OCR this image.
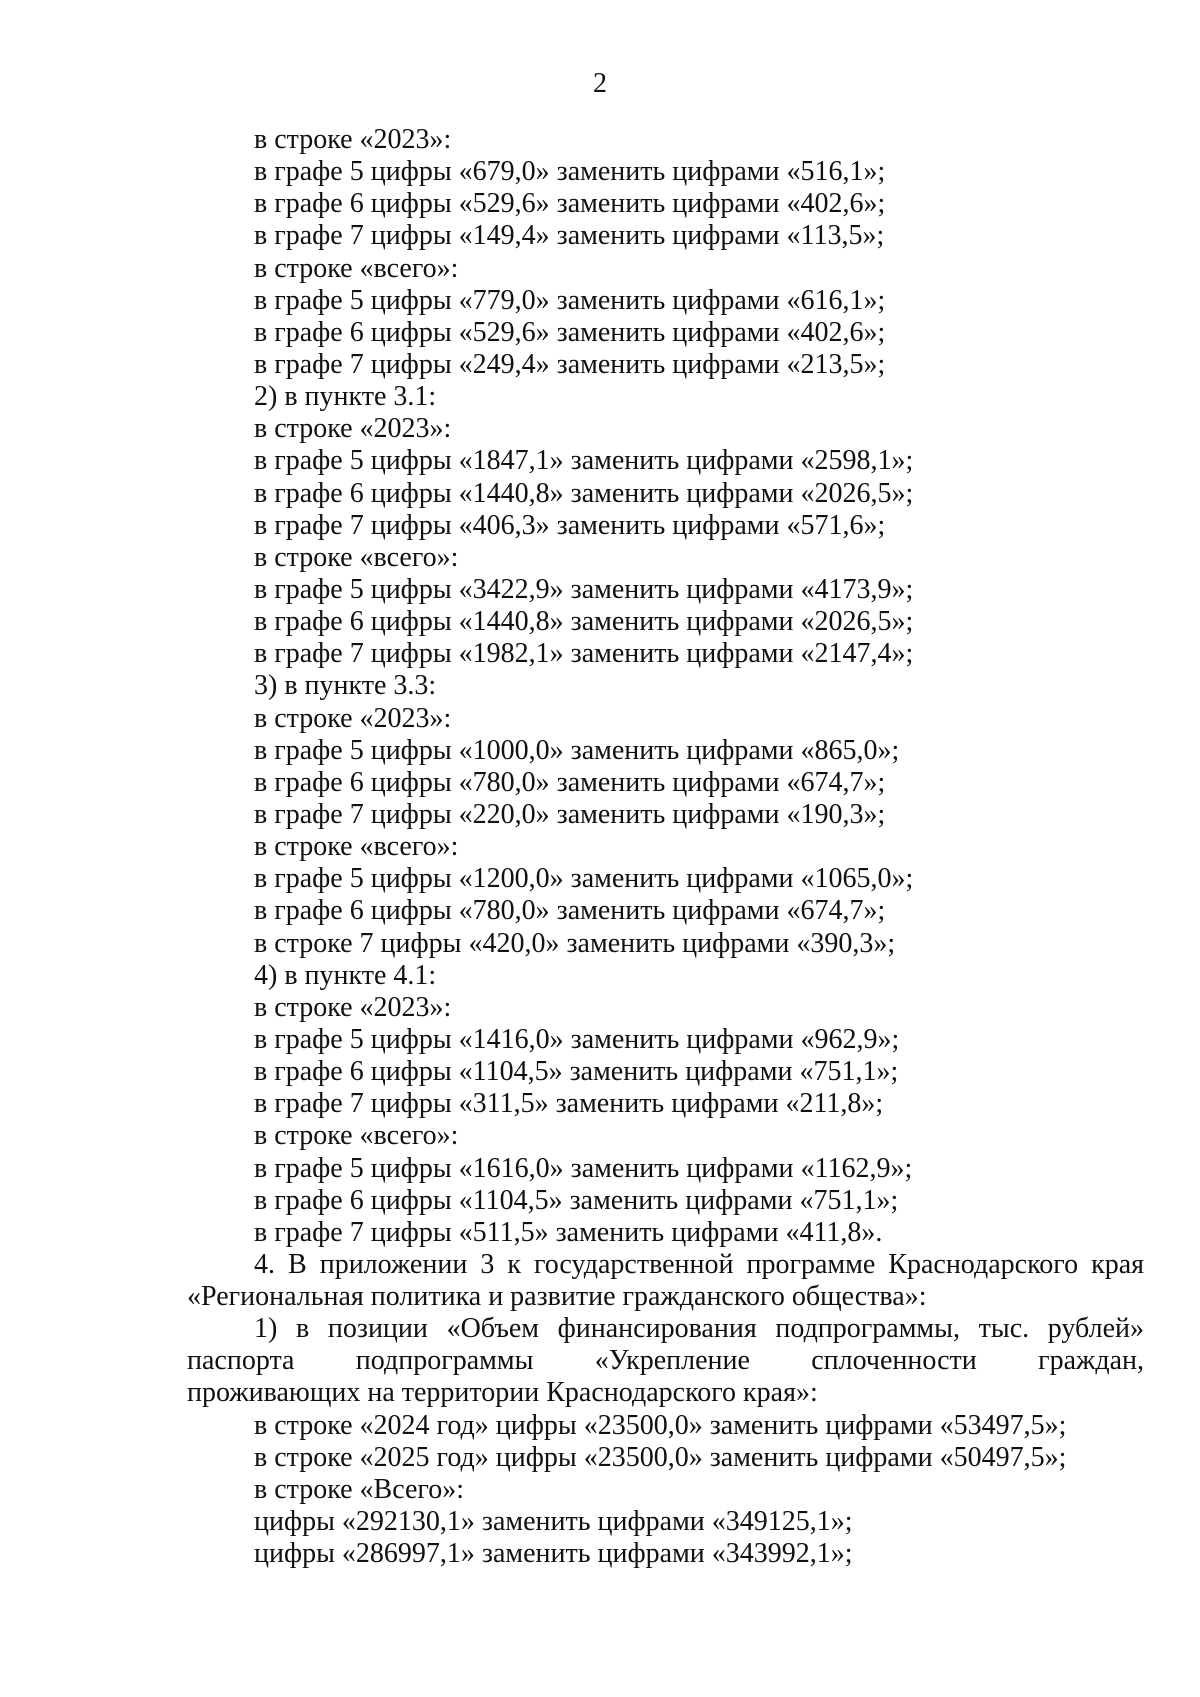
2
в строке «2023»:
в графе 5 цифры «679,0» заменить цифрами «516,1»;
в графе 6 цифры «529,6» заменить цифрами «402,6»;
в графе 7 цифры «149,4» заменить цифрами «113,5»;
в строке «всего»:
в графе 5 цифры «779,0» заменить цифрами «616,1»;
в графе 6 цифры «529,6» заменить цифрами «402,6»;
в графе 7 цифры «249,4» заменить цифрами «213,5»;
2) в пункте 3.1:
в строке «2023»:
в графе 5 цифры «1847,1» заменить цифрами «2598,1»;
в графе 6 цифры «1440,8» заменить цифрами «2026,5»;
в графе 7 цифры «406,3» заменить цифрами «571,6»;
в строке «всего»:
в графе 5 цифры «3422,9» заменить цифрами «4173,9»;
в графе 6 цифры «1440,8» заменить цифрами «2026,5»;
в графе 7 цифры «1982,1» заменить цифрами «2147,4»;
3) в пункте 3.3:
в строке «2023»:
в графе 5 цифры «1000,0» заменить цифрами «865,0»;
в графе 6 цифры «780,0» заменить цифрами «674,7»;
в графе 7 цифры «220,0» заменить цифрами «190,3»;
в строке «всего»:
в графе 5 цифры «1200,0» заменить цифрами «1065,0»;
в графе 6 цифры «780,0» заменить цифрами «674,7»;
в строке 7 цифры «420,0» заменить цифрами «390,3»;
4) в пункте 4.1:
в строке «2023»:
в графе 5 цифры «1416,0» заменить цифрами «962,9»;
в графе 6 цифры «1104,5» заменить цифрами «751,1»;
в графе 7 цифры «311,5» заменить цифрами «211,8»;
в строке «всего»:
в графе 5 цифры «1616,0» заменить цифрами «1162,9»;
в графе 6 цифры «1104,5» заменить цифрами «751,1»;
в графе 7 цифры «511,5» заменить цифрами «411,8».
4. В приложении 3 к государственной программе Краснодарского края
«Региональная политика и развитие гражданского общества»:
1) в позиции «Объем финансирования подпрограммы, тыс. рублей»
паспорта подпрограммы «Укрепление сплоченности граждан,
проживающих на территории Краснодарского края»:
в строке «2024 год» цифры «23500,0» заменить цифрами «53497,5»;
в строке «2025 год» цифры «23500,0» заменить цифрами «50497,5»;
в строке «Всего»:
цифры «292130,1» заменить цифрами «349125,1»;
цифры «286997,1» заменить цифрами «343992,1»;
